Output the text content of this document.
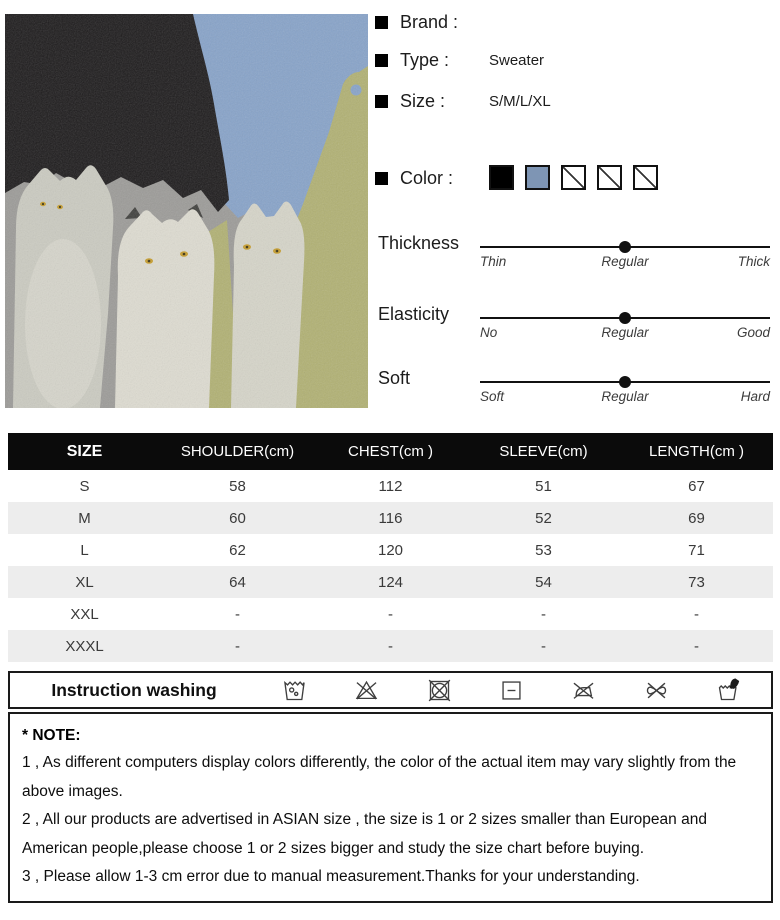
Brand :
Type :	Sweater
Size :	S/M/L/XL
Color :
Thickness
Thin	Regular	Thick
Elasticity
No	Regular	Good
Soft
Soft	Regular	Hard
SIZE	SHOULDER(cm)	CHEST(cm )	SLEEVE(cm)	LENGTH(cm )
S	58	112	51	67
M	60	116	52	69
L	62	120	53	71
XL	64	124	54	73
XXL	-	-	-	-
XXXL	-	-	-	-
Instruction washing
* NOTE:

1 , As different computers display colors differently, the color of the actual item may vary slightly from the above images.

2 , All our products are advertised in ASIAN size , the size is 1 or 2 sizes smaller than European and American people,please choose 1 or 2 sizes bigger and study the size chart before buying.

3 , Please allow 1-3 cm error due to manual measurement.Thanks for your understanding.
